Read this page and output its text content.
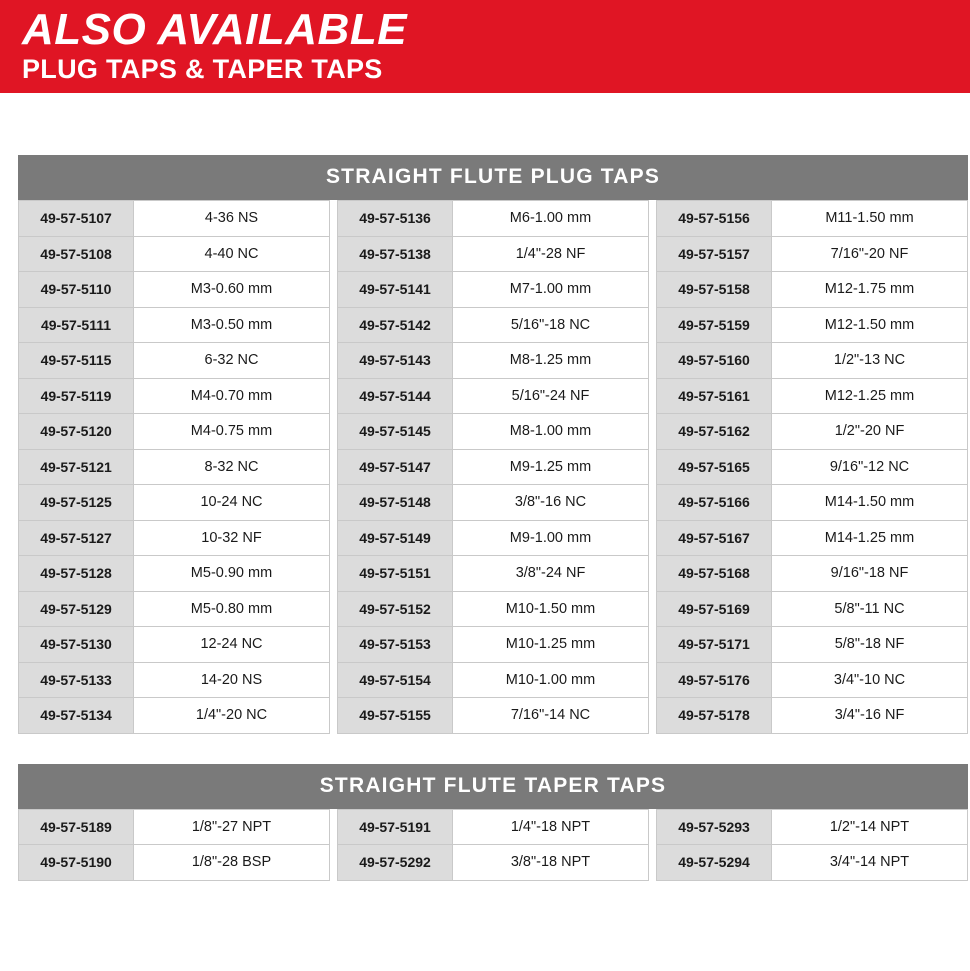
ALSO AVAILABLE
PLUG TAPS & TAPER TAPS
STRAIGHT FLUTE PLUG TAPS
49-57-5107	4-36 NS		49-57-5136	M6-1.00 mm		49-57-5156	M11-1.50 mm
49-57-5108	4-40 NC		49-57-5138	1/4"-28 NF		49-57-5157	7/16"-20 NF
49-57-5110	M3-0.60 mm		49-57-5141	M7-1.00 mm		49-57-5158	M12-1.75 mm
49-57-5111	M3-0.50 mm		49-57-5142	5/16"-18 NC		49-57-5159	M12-1.50 mm
49-57-5115	6-32 NC		49-57-5143	M8-1.25 mm		49-57-5160	1/2"-13 NC
49-57-5119	M4-0.70 mm		49-57-5144	5/16"-24 NF		49-57-5161	M12-1.25 mm
49-57-5120	M4-0.75 mm		49-57-5145	M8-1.00 mm		49-57-5162	1/2"-20 NF
49-57-5121	8-32 NC		49-57-5147	M9-1.25 mm		49-57-5165	9/16"-12 NC
49-57-5125	10-24 NC		49-57-5148	3/8"-16 NC		49-57-5166	M14-1.50 mm
49-57-5127	10-32 NF		49-57-5149	M9-1.00 mm		49-57-5167	M14-1.25 mm
49-57-5128	M5-0.90 mm		49-57-5151	3/8"-24 NF		49-57-5168	9/16"-18 NF
49-57-5129	M5-0.80 mm		49-57-5152	M10-1.50 mm		49-57-5169	5/8"-11 NC
49-57-5130	12-24 NC		49-57-5153	M10-1.25 mm		49-57-5171	5/8"-18 NF
49-57-5133	14-20 NS		49-57-5154	M10-1.00 mm		49-57-5176	3/4"-10 NC
49-57-5134	1/4"-20 NC		49-57-5155	7/16"-14 NC		49-57-5178	3/4"-16 NF
STRAIGHT FLUTE TAPER TAPS
49-57-5189	1/8"-27 NPT		49-57-5191	1/4"-18 NPT		49-57-5293	1/2"-14 NPT
49-57-5190	1/8"-28 BSP		49-57-5292	3/8"-18 NPT		49-57-5294	3/4"-14 NPT
